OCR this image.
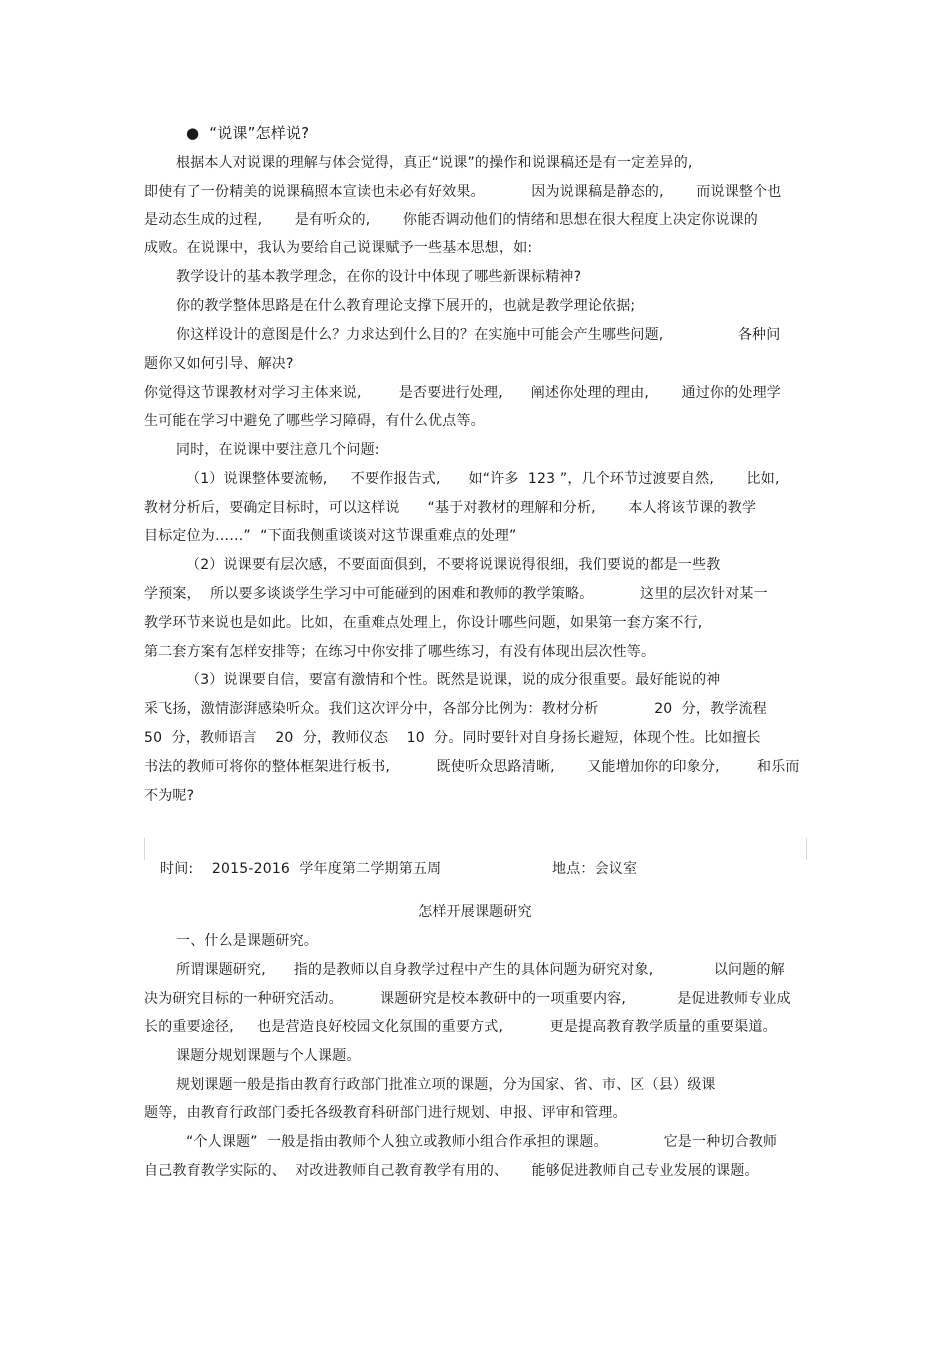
●  “说课”怎样说?

根据本人对说课的理解与体会觉得，真正“说课”的操作和说课稿还是有一定差异的,

即使有了一份精美的说课稿照本宣读也未必有好效果。          因为说课稿是静态的,       而说课整个也

是动态生成的过程,       是有听众的,       你能否调动他们的情绪和思想在很大程度上决定你说课的

成败。在说课中，我认为要给自己说课赋予一些基本思想，如:

教学设计的基本教学理念，在你的设计中体现了哪些新课标精神?

你的教学整体思路是在什么教育理论支撑下展开的，也就是教学理论依据;

你这样设计的意图是什么？力求达到什么目的？在实施中可能会产生哪些问题,                各种问

题你又如何引导、解决?

你觉得这节课教材对学习主体来说,        是否要进行处理,      阐述你处理的理由,       通过你的处理学

生可能在学习中避免了哪些学习障碍，有什么优点等。

同时，在说课中要注意几个问题:

（1）说课整体要流畅,     不要作报告式,      如“许多  123 ”，几个环节过渡要自然,       比如,

教材分析后，要确定目标时，可以这样说      “基于对教材的理解和分析,       本人将该节课的教学

目标定位为……”  “下面我侧重谈谈对这节课重难点的处理”

（2）说课要有层次感，不要面面俱到，不要将说课说得很细，我们要说的都是一些教

学预案，  所以要多谈谈学生学习中可能碰到的困难和教师的教学策略。          这里的层次针对某一

教学环节来说也是如此。比如，在重难点处理上，你设计哪些问题，如果第一套方案不行,

第二套方案有怎样安排等；在练习中你安排了哪些练习，有没有体现出层次性等。

（3）说课要自信，要富有激情和个性。既然是说课，说的成分很重要。最好能说的神

采飞扬，激情澎湃感染听众。我们这次评分中，各部分比例为：教材分析            20  分，教学流程

50  分，教师语言    20  分，教师仪态    10  分。同时要针对自身扬长避短，体现个性。比如擅长

书法的教师可将你的整体框架进行板书,          既使听众思路清晰,       又能增加你的印象分,        和乐而

不为呢?

时间:    2015-2016  学年度第二学期第五周	地点：会议室

怎样开展课题研究

一、什么是课题研究。

所谓课题研究,      指的是教师以自身教学过程中产生的具体问题为研究对象,             以问题的解

决为研究目标的一种研究活动。        课题研究是校本教研中的一项重要内容,           是促进教师专业成

长的重要途径,     也是营造良好校园文化氛围的重要方式,          更是提高教育教学质量的重要渠道。

课题分规划课题与个人课题。

规划课题一般是指由教育行政部门批准立项的课题，分为国家、省、市、区（县）级课

题等，由教育行政部门委托各级教育科研部门进行规划、申报、评审和管理。

“个人课题”  一般是指由教师个人独立或教师小组合作承担的课题。            它是一种切合教师

自己教育教学实际的、  对改进教师自己教育教学有用的、     能够促进教师自己专业发展的课题。
